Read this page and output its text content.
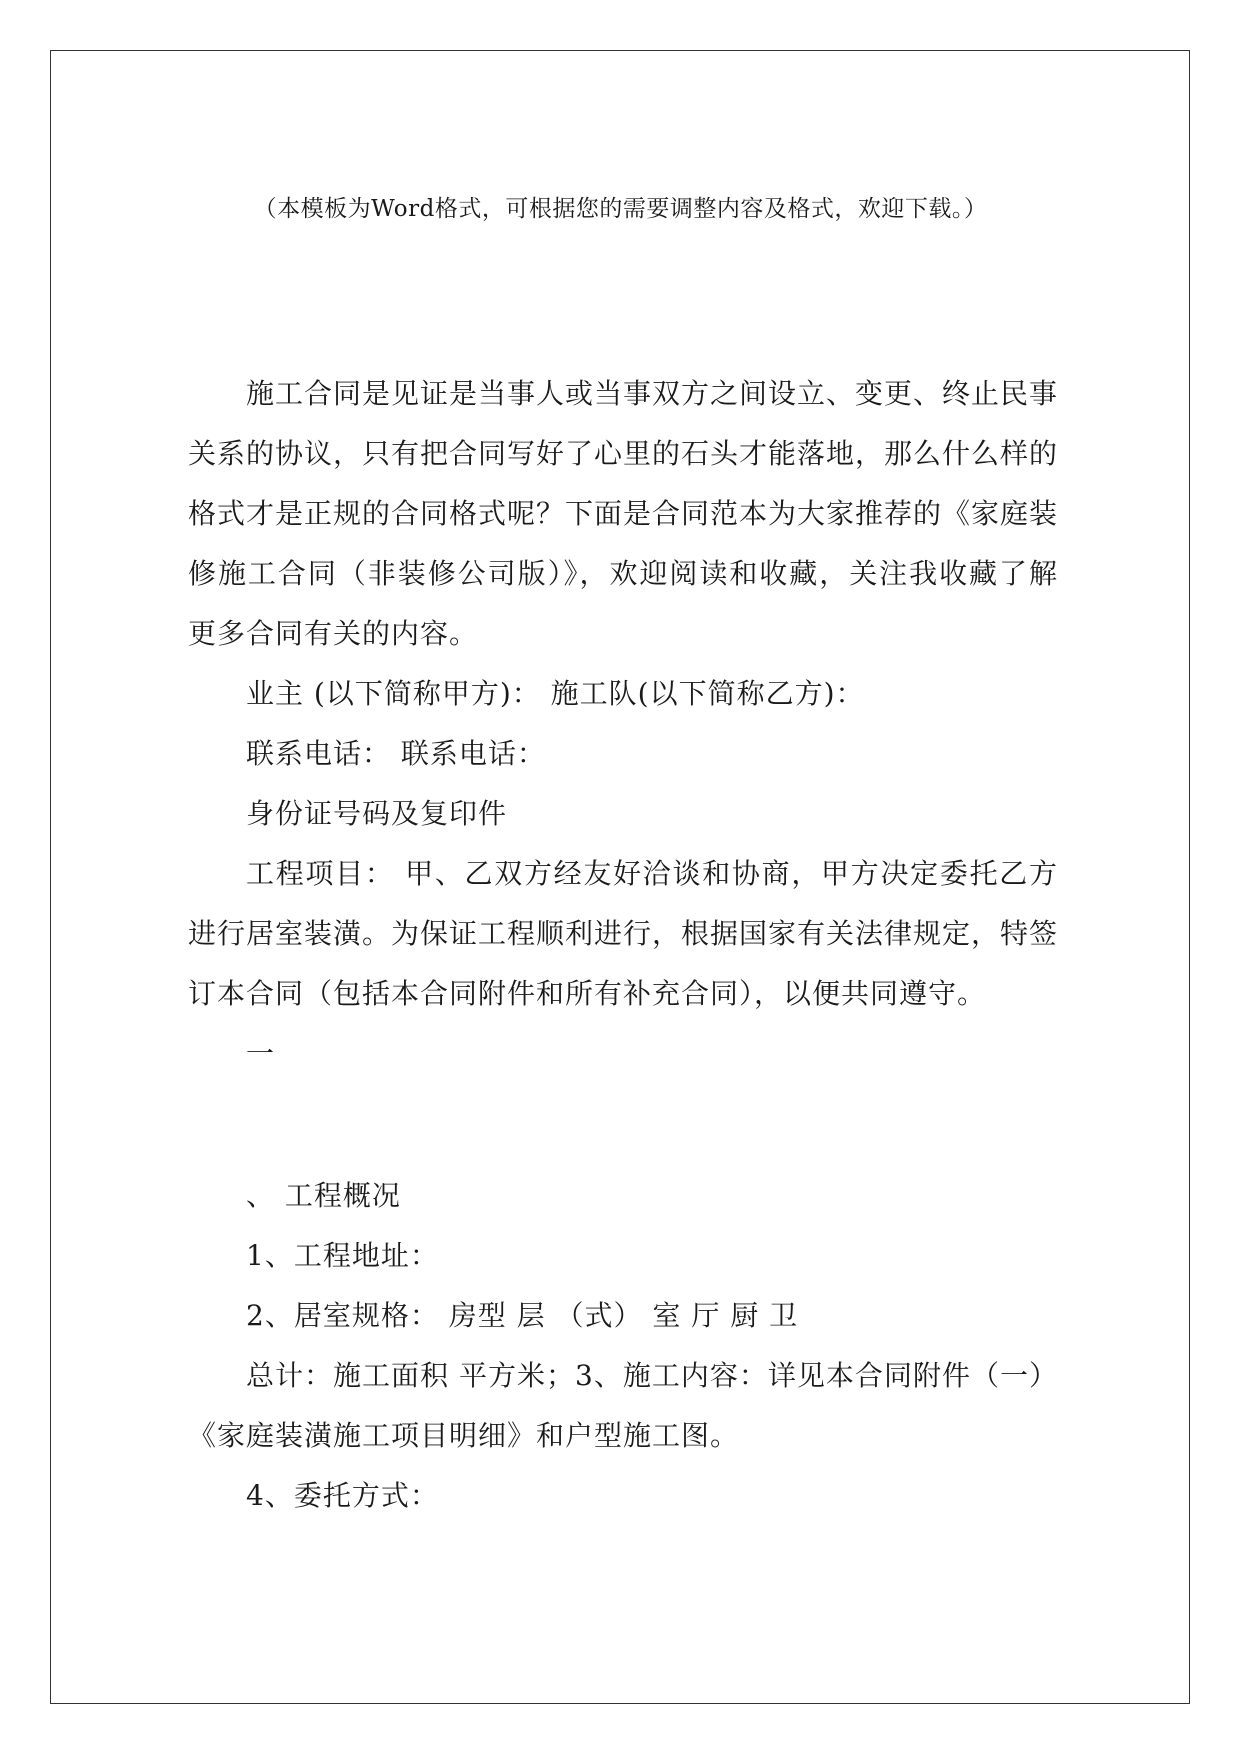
（本模板为Word格式，可根据您的需要调整内容及格式，欢迎下载。）

施工合同是见证是当事人或当事双方之间设立、变更、终止民事关系的协议，只有把合同写好了心里的石头才能落地，那么什么样的格式才是正规的合同格式呢？下面是合同范本为大家推荐的《家庭装修施工合同（非装修公司版）》，欢迎阅读和收藏，关注我收藏了解更多合同有关的内容。

业主 (以下简称甲方)： 施工队(以下简称乙方)：

联系电话： 联系电话：

身份证号码及复印件

工程项目： 甲、乙双方经友好洽谈和协商，甲方决定委托乙方进行居室装潢。为保证工程顺利进行，根据国家有关法律规定，特签订本合同（包括本合同附件和所有补充合同），以便共同遵守。

一

、 工程概况

1、工程地址：

2、居室规格： 房型 层 （式） 室 厅 厨 卫

总计：施工面积 平方米；3、施工内容：详见本合同附件（一）《家庭装潢施工项目明细》和户型施工图。

4、委托方式：
